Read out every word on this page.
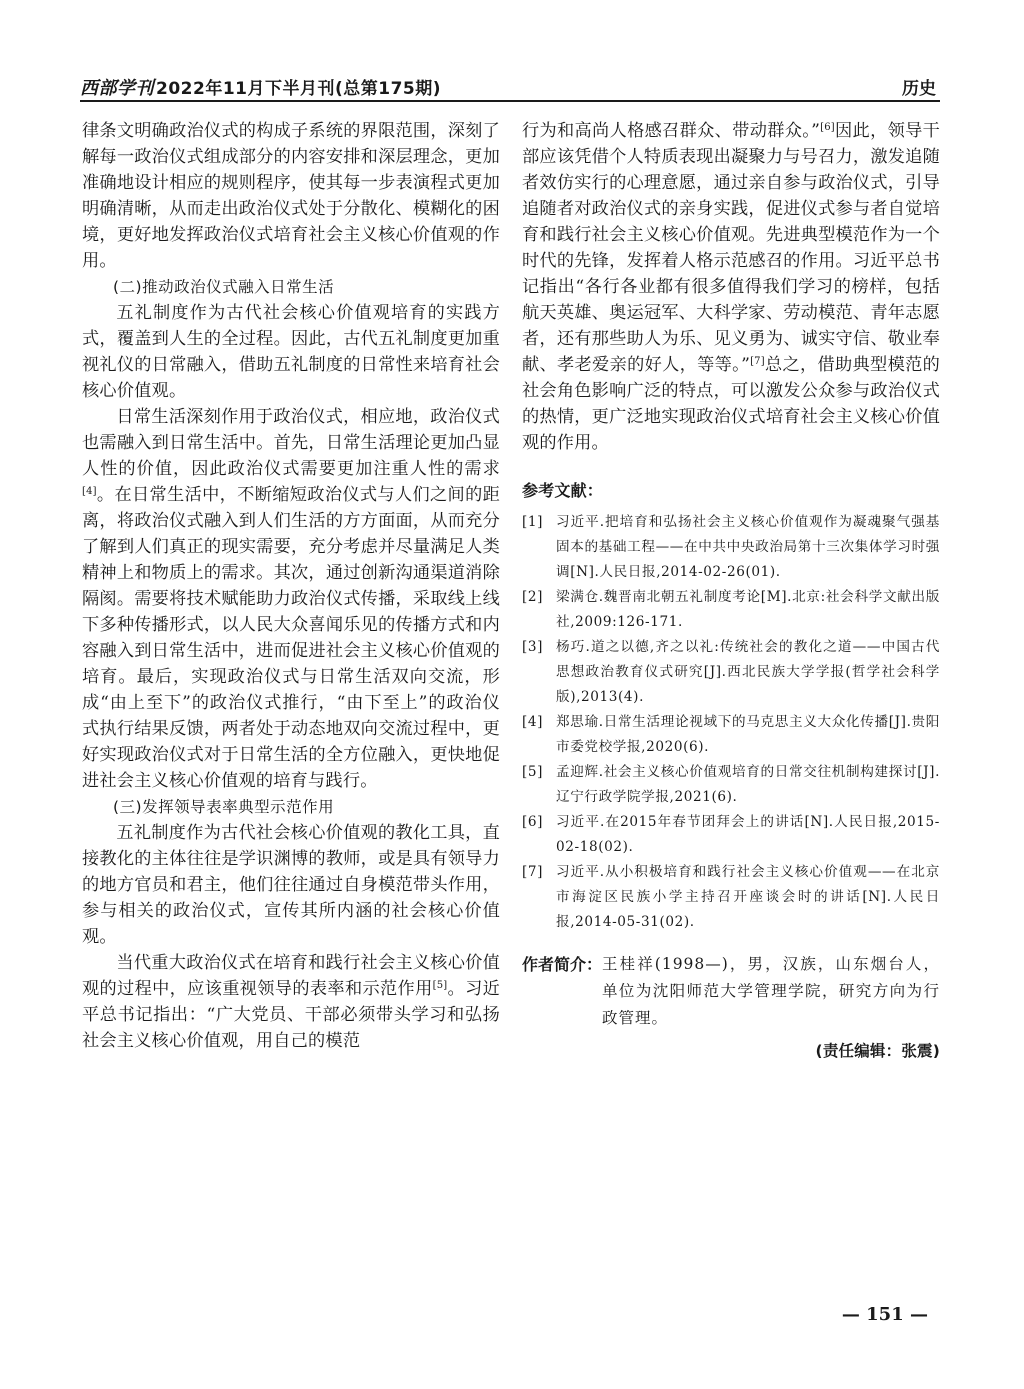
西部学刊 2022年11月下半月刊(总第175期)	历史

律条文明确政治仪式的构成子系统的界限范围，深刻了解每一政治仪式组成部分的内容安排和深层理念，更加准确地设计相应的规则程序，使其每一步表演程式更加明确清晰，从而走出政治仪式处于分散化、模糊化的困境，更好地发挥政治仪式培育社会主义核心价值观的作用。

(二)推动政治仪式融入日常生活

五礼制度作为古代社会核心价值观培育的实践方式，覆盖到人生的全过程。因此，古代五礼制度更加重视礼仪的日常融入，借助五礼制度的日常性来培育社会核心价值观。

日常生活深刻作用于政治仪式，相应地，政治仪式也需融入到日常生活中。首先，日常生活理论更加凸显人性的价值，因此政治仪式需要更加注重人性的需求[4]。在日常生活中，不断缩短政治仪式与人们之间的距离，将政治仪式融入到人们生活的方方面面，从而充分了解到人们真正的现实需要，充分考虑并尽量满足人类精神上和物质上的需求。其次，通过创新沟通渠道消除隔阂。需要将技术赋能助力政治仪式传播，采取线上线下多种传播形式，以人民大众喜闻乐见的传播方式和内容融入到日常生活中，进而促进社会主义核心价值观的培育。最后，实现政治仪式与日常生活双向交流，形成“由上至下”的政治仪式推行，“由下至上”的政治仪式执行结果反馈，两者处于动态地双向交流过程中，更好实现政治仪式对于日常生活的全方位融入，更快地促进社会主义核心价值观的培育与践行。

(三)发挥领导表率典型示范作用

五礼制度作为古代社会核心价值观的教化工具，直接教化的主体往往是学识渊博的教师，或是具有领导力的地方官员和君主，他们往往通过自身模范带头作用，参与相关的政治仪式，宣传其所内涵的社会核心价值观。

当代重大政治仪式在培育和践行社会主义核心价值观的过程中，应该重视领导的表率和示范作用[5]。习近平总书记指出：“广大党员、干部必须带头学习和弘扬社会主义核心价值观，用自己的模范

行为和高尚人格感召群众、带动群众。”[6]因此，领导干部应该凭借个人特质表现出凝聚力与号召力，激发追随者效仿实行的心理意愿，通过亲自参与政治仪式，引导追随者对政治仪式的亲身实践，促进仪式参与者自觉培育和践行社会主义核心价值观。先进典型模范作为一个时代的先锋，发挥着人格示范感召的作用。习近平总书记指出“各行各业都有很多值得我们学习的榜样，包括航天英雄、奥运冠军、大科学家、劳动模范、青年志愿者，还有那些助人为乐、见义勇为、诚实守信、敬业奉献、孝老爱亲的好人，等等。”[7]总之，借助典型模范的社会角色影响广泛的特点，可以激发公众参与政治仪式的热情，更广泛地实现政治仪式培育社会主义核心价值观的作用。

参考文献：
[1] 习近平.把培育和弘扬社会主义核心价值观作为凝魂聚气强基固本的基础工程——在中共中央政治局第十三次集体学习时强调[N].人民日报,2014-02-26(01).
[2] 梁满仓.魏晋南北朝五礼制度考论[M].北京:社会科学文献出版社,2009:126-171.
[3] 杨巧.道之以德,齐之以礼:传统社会的教化之道——中国古代思想政治教育仪式研究[J].西北民族大学学报(哲学社会科学版),2013(4).
[4] 郑思瑜.日常生活理论视域下的马克思主义大众化传播[J].贵阳市委党校学报,2020(6).
[5] 孟迎辉.社会主义核心价值观培育的日常交往机制构建探讨[J].辽宁行政学院学报,2021(6).
[6] 习近平.在2015年春节团拜会上的讲话[N].人民日报,2015-02-18(02).
[7] 习近平.从小积极培育和践行社会主义核心价值观——在北京市海淀区民族小学主持召开座谈会时的讲话[N].人民日报,2014-05-31(02).
作者简介： 王桂祥(1998—)，男，汉族，山东烟台人，单位为沈阳师范大学管理学院，研究方向为行政管理。
(责任编辑：张震)
— 151 —
